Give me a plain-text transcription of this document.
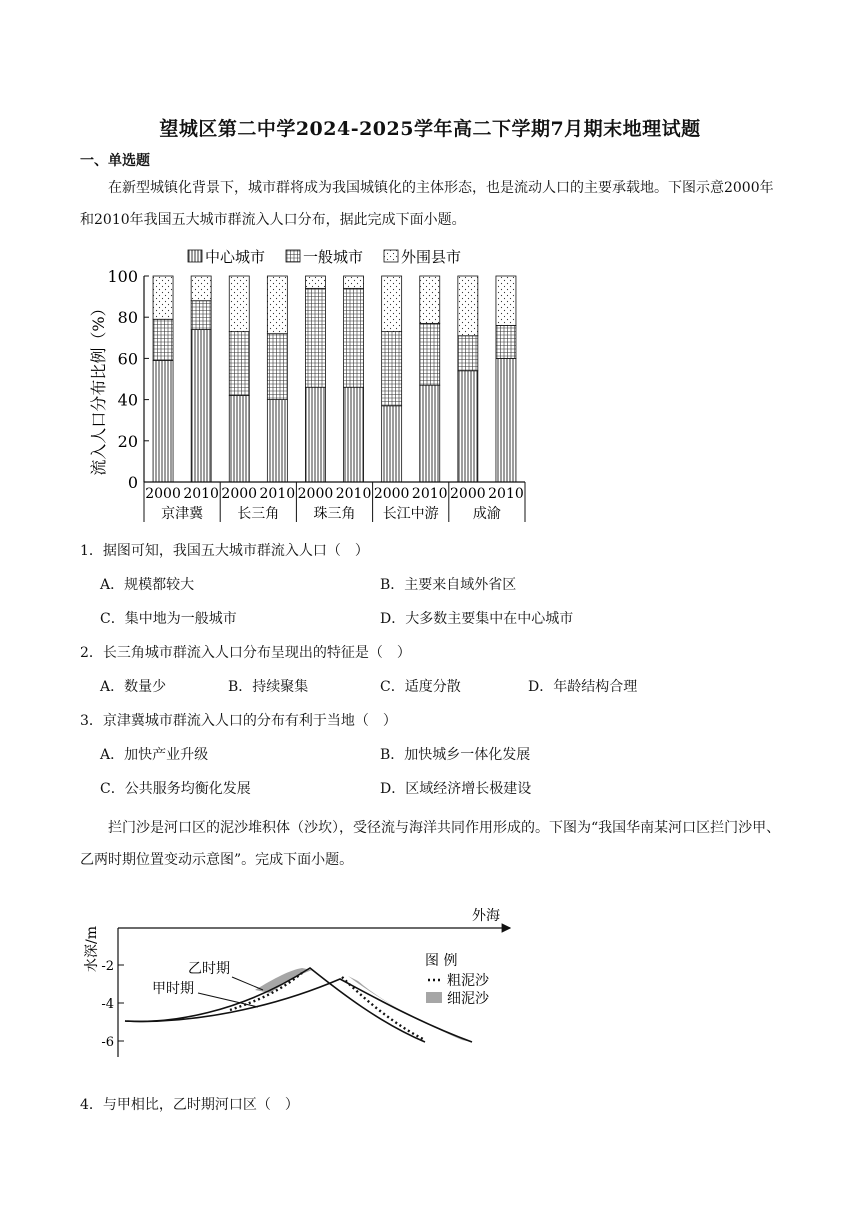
望城区第二中学2024-2025学年高二下学期7月期末地理试题
一、单选题

在新型城镇化背景下，城市群将成为我国城镇化的主体形态，也是流动人口的主要承载地。下图示意2000年和2010年我国五大城市群流入人口分布，据此完成下面小题。

中心城市	一般城市	外围县市
0
20
40
60
80
100
2000 2010 2000 2010 2000 2010 2000 2010 2000 2010
京津冀 长三角 珠三角 长江中游 成渝
流入人口分布比例（%）
1．据图可知，我国五大城市群流入人口（　）
A．规模都较大	B．主要来自域外省区
C．集中地为一般城市	D．大多数主要集中在中心城市
2．长三角城市群流入人口分布呈现出的特征是（　）
A．数量少	B．持续聚集	C．适度分散	D．年龄结构合理
3．京津冀城市群流入人口的分布有利于当地（　）
A．加快产业升级	B．加快城乡一体化发展
C．公共服务均衡化发展	D．区域经济增长极建设

拦门沙是河口区的泥沙堆积体（沙坎），受径流与海洋共同作用形成的。下图为“我国华南某河口区拦门沙甲、乙两时期位置变动示意图”。完成下面小题。

外海
水深/m -2
-4
-6
乙时期
甲时期
图 例
粗泥沙
细泥沙
4．与甲相比，乙时期河口区（　）
